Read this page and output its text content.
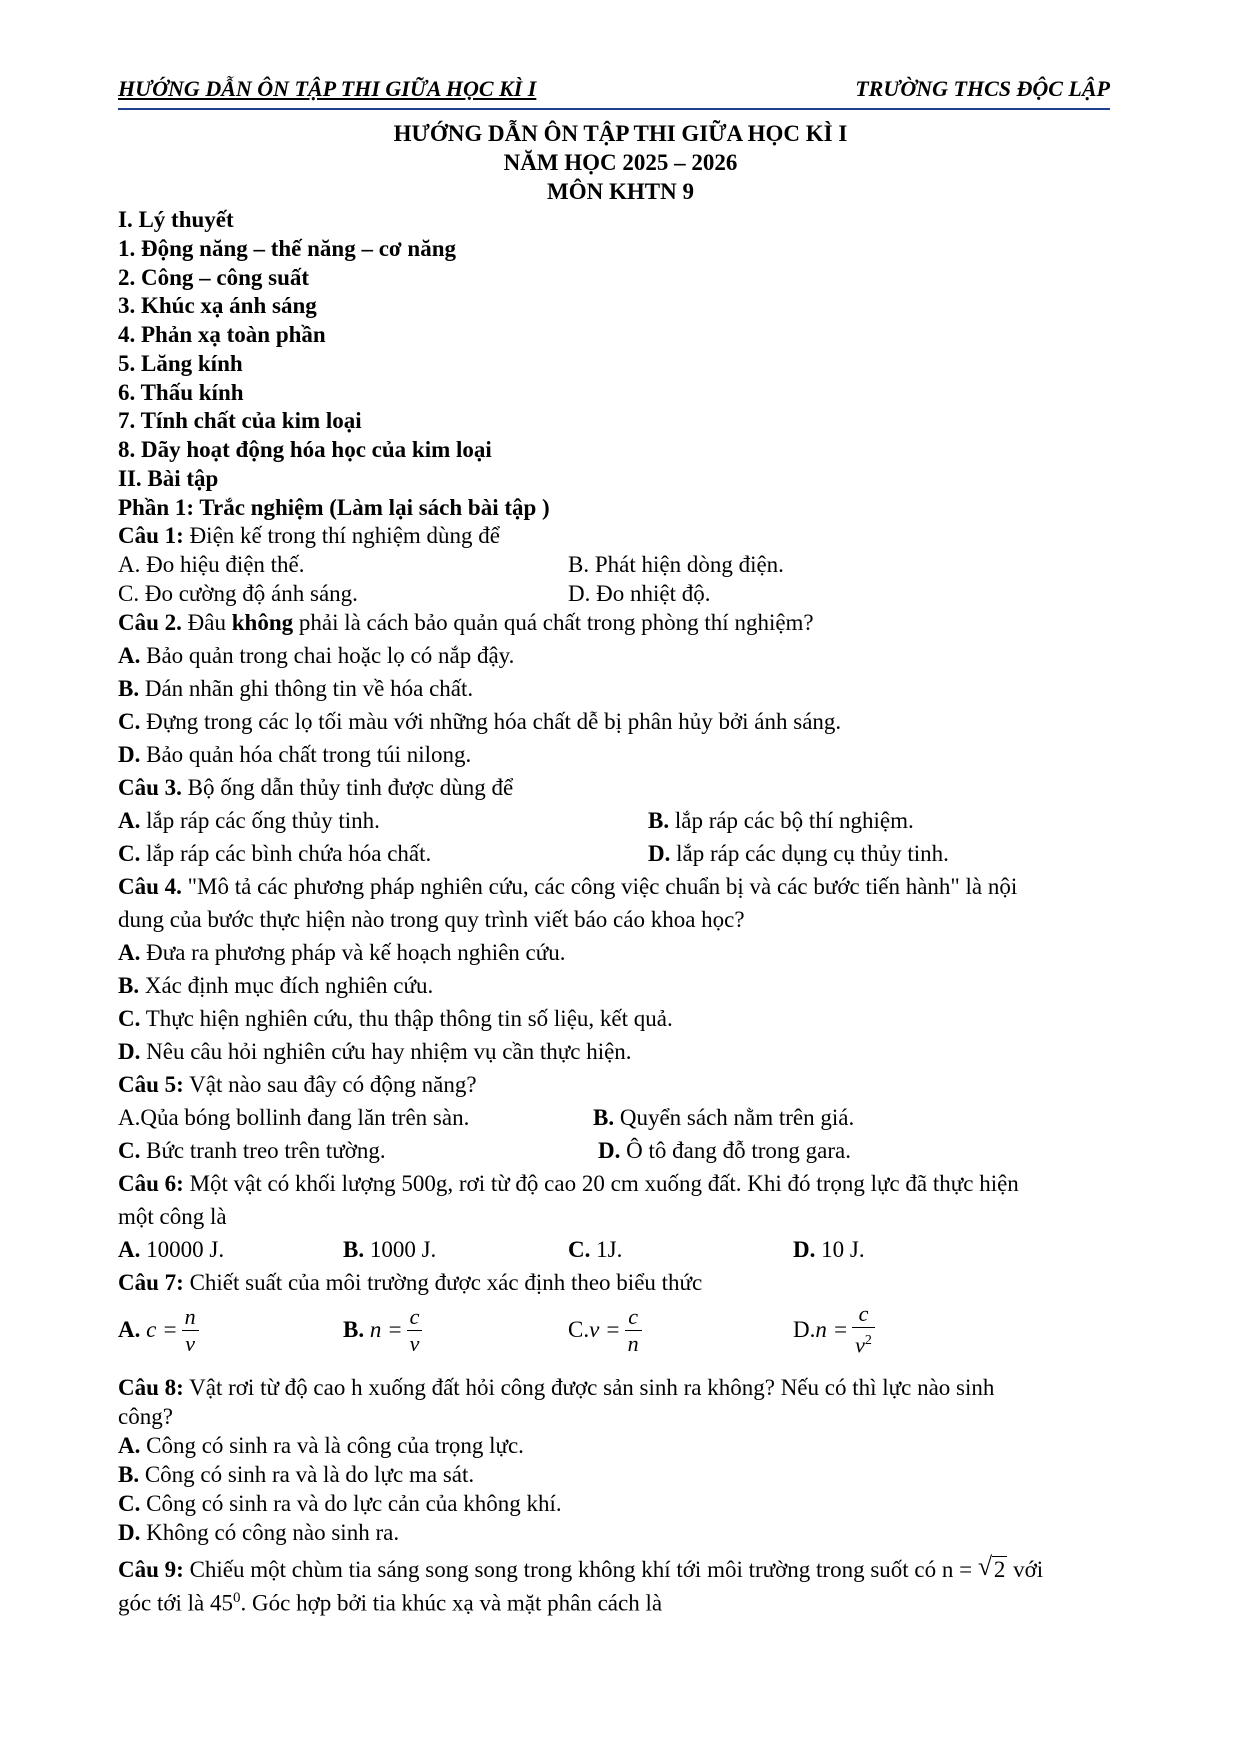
HƯỚNG DẪN ÔN TẬP THI GIỮA HỌC KÌ I	TRƯỜNG THCS ĐỘC LẬP
HƯỚNG DẪN ÔN TẬP THI GIỮA HỌC KÌ I
NĂM HỌC 2025 – 2026
MÔN KHTN 9
I. Lý thuyết
1. Động năng – thế năng – cơ năng
2. Công – công suất
3. Khúc xạ ánh sáng
4. Phản xạ toàn phần
5. Lăng kính
6. Thấu kính
7. Tính chất của kim loại
8. Dãy hoạt động hóa học của kim loại
II. Bài tập
Phần 1: Trắc nghiệm (Làm lại sách bài tập )
Câu 1: Điện kế trong thí nghiệm dùng để
A. Đo hiệu điện thế.	B. Phát hiện dòng điện.
C. Đo cường độ ánh sáng.	D. Đo nhiệt độ.
Câu 2. Đâu không phải là cách bảo quản quá chất trong phòng thí nghiệm?
A. Bảo quản trong chai hoặc lọ có nắp đậy.
B. Dán nhãn ghi thông tin về hóa chất.
C. Đựng trong các lọ tối màu với những hóa chất dễ bị phân hủy bởi ánh sáng.
D. Bảo quản hóa chất trong túi nilong.
Câu 3. Bộ ống dẫn thủy tinh được dùng để
A. lắp ráp các ống thủy tinh.	B. lắp ráp các bộ thí nghiệm.
C. lắp ráp các bình chứa hóa chất.	D. lắp ráp các dụng cụ thủy tinh.
Câu 4. "Mô tả các phương pháp nghiên cứu, các công việc chuẩn bị và các bước tiến hành" là nội
dung của bước thực hiện nào trong quy trình viết báo cáo khoa học?
A. Đưa ra phương pháp và kế hoạch nghiên cứu.
B. Xác định mục đích nghiên cứu.
C. Thực hiện nghiên cứu, thu thập thông tin số liệu, kết quả.
D. Nêu câu hỏi nghiên cứu hay nhiệm vụ cần thực hiện.
Câu 5: Vật nào sau đây có động năng?
A.Qủa bóng bollinh đang lăn trên sàn.	B. Quyển sách nằm trên giá.
C. Bức tranh treo trên tường.	D. Ô tô đang đỗ trong gara.
Câu 6: Một vật có khối lượng 500g, rơi từ độ cao 20 cm xuống đất. Khi đó trọng lực đã thực hiện
một công là
A. 10000 J.	B. 1000 J.	C. 1J.	D. 10 J.
Câu 7: Chiết suất của môi trường được xác định theo biểu thức
A.
$c = \frac{n}{v}$	B.
$n = \frac{c}{v}$	C. $v = \frac{c}{n}$	D. $n = \frac{c}{v^2}$
Câu 8: Vật rơi từ độ cao h xuống đất hỏi công được sản sinh ra không? Nếu có thì lực nào sinh
công?
A. Công có sinh ra và là công của trọng lực.
B. Công có sinh ra và là do lực ma sát.
C. Công có sinh ra và do lực cản của không khí.
D. Không có công nào sinh ra.
Câu 9: Chiếu một chùm tia sáng song song trong không khí tới môi trường trong suốt có n = √ 2 với
góc tới là $45^0$. Góc hợp bởi tia khúc xạ và mặt phân cách là
